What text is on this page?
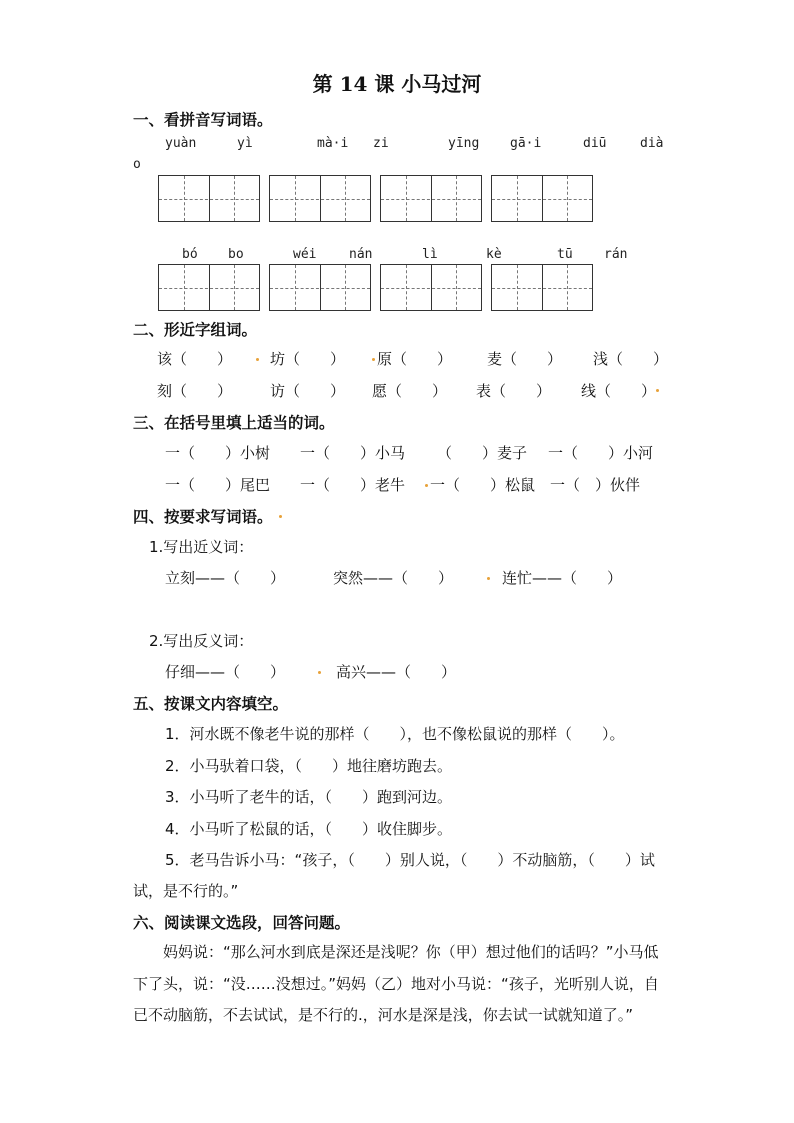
第 14 课 小马过河
一、看拼音写词语。
yuàn	yì	mà·i zi	yīng gā·i	diū	dià
o
bó bo	wéi	nán	lì	kè	tū rán
二、形近字组词。
该（　　）	坊（　　） 原（　　） 麦（　　） 浅（　　）
刻（　　）	访（　　） 愿（　　） 表（　　） 线（　　）
三、在括号里填上适当的词。
一（　　）小树 一（　　）小马 （　　）麦子 一（　　）小河
一（　　）尾巴 一（　　）老牛 一（　　）松鼠 一（　）伙伴
四、按要求写词语。
1.写出近义词：
立刻——（　　）	突然——（　　）	连忙——（　　）
2.写出反义词：
仔细——（　　）	高兴——（　　）
五、按课文内容填空。
1．河水既不像老牛说的那样（　　），也不像松鼠说的那样（　　）。
2．小马驮着口袋，（　　）地往磨坊跑去。
3．小马听了老牛的话，（　　）跑到河边。
4．小马听了松鼠的话，（　　）收住脚步。
5．老马告诉小马：“孩子，（　　）别人说，（　　）不动脑筋，（　　）试
试，是不行的。”
六、阅读课文选段，回答问题。
妈妈说：“那么河水到底是深还是浅呢？你（甲）想过他们的话吗？”小马低下了头，说：“没……没想过。”妈妈（乙）地对小马说：“孩子，光听别人说，自已不动脑筋，不去试试，是不行的.，河水是深是浅，你去试一试就知道了。”
